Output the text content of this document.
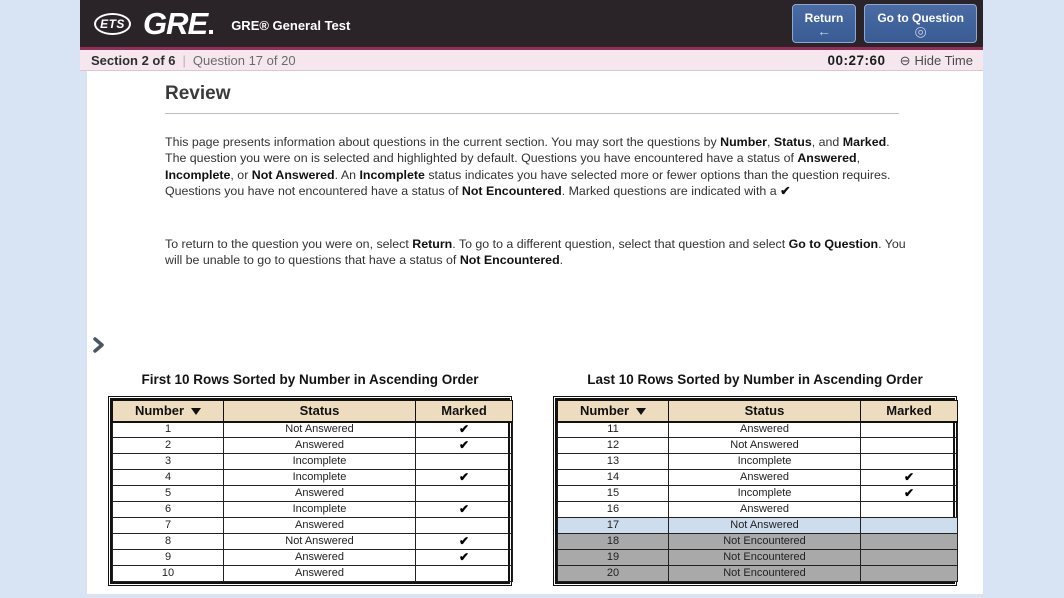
ETS GRE	GRE® General Test	Return
←
Go to Question
◎
Section 2 of 6 | Question 17 of 20	00:27:60 ⊖ Hide Time
Review

This page presents information about questions in the current section. You may sort the questions by Number, Status, and Marked. The question you were on is selected and highlighted by default. Questions you have encountered have a status of Answered, Incomplete, or Not Answered. An Incomplete status indicates you have selected more or fewer options than the question requires. Questions you have not encountered have a status of Not Encountered. Marked questions are indicated with a ✔

To return to the question you were on, select Return. To go to a different question, select that question and select Go to Question. You will be unable to go to questions that have a status of Not Encountered.

First 10 Rows Sorted by Number in Ascending Order
Number	Status	Marked
1	Not Answered	✔
2	Answered	✔
3	Incomplete	
4	Incomplete	✔
5	Answered	
6	Incomplete	✔
7	Answered	
8	Not Answered	✔
9	Answered	✔
10	Answered	
Last 10 Rows Sorted by Number in Ascending Order
Number	Status	Marked
11	Answered	
12	Not Answered	
13	Incomplete	
14	Answered	✔
15	Incomplete	✔
16	Answered	
17	Not Answered	
18	Not Encountered	
19	Not Encountered	
20	Not Encountered	
